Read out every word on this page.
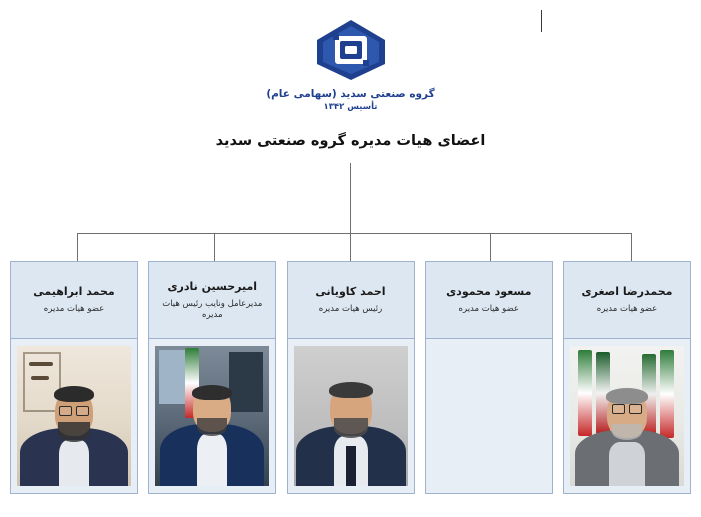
گروه صنعتی سدید (سهامی عام)
تأسیس ۱۳۴۲
اعضای هیات مدیره گروه صنعتی سدید
محمدرضا اصغری
عضو هیات مدیره
مسعود محمودی
عضو هیات مدیره
احمد کاویانی
رئیس هیات مدیره
امیرحسین نادری
مدیرعامل ونایب رئیس هیات مدیره
محمد ابراهیمی
عضو هیات مدیره
